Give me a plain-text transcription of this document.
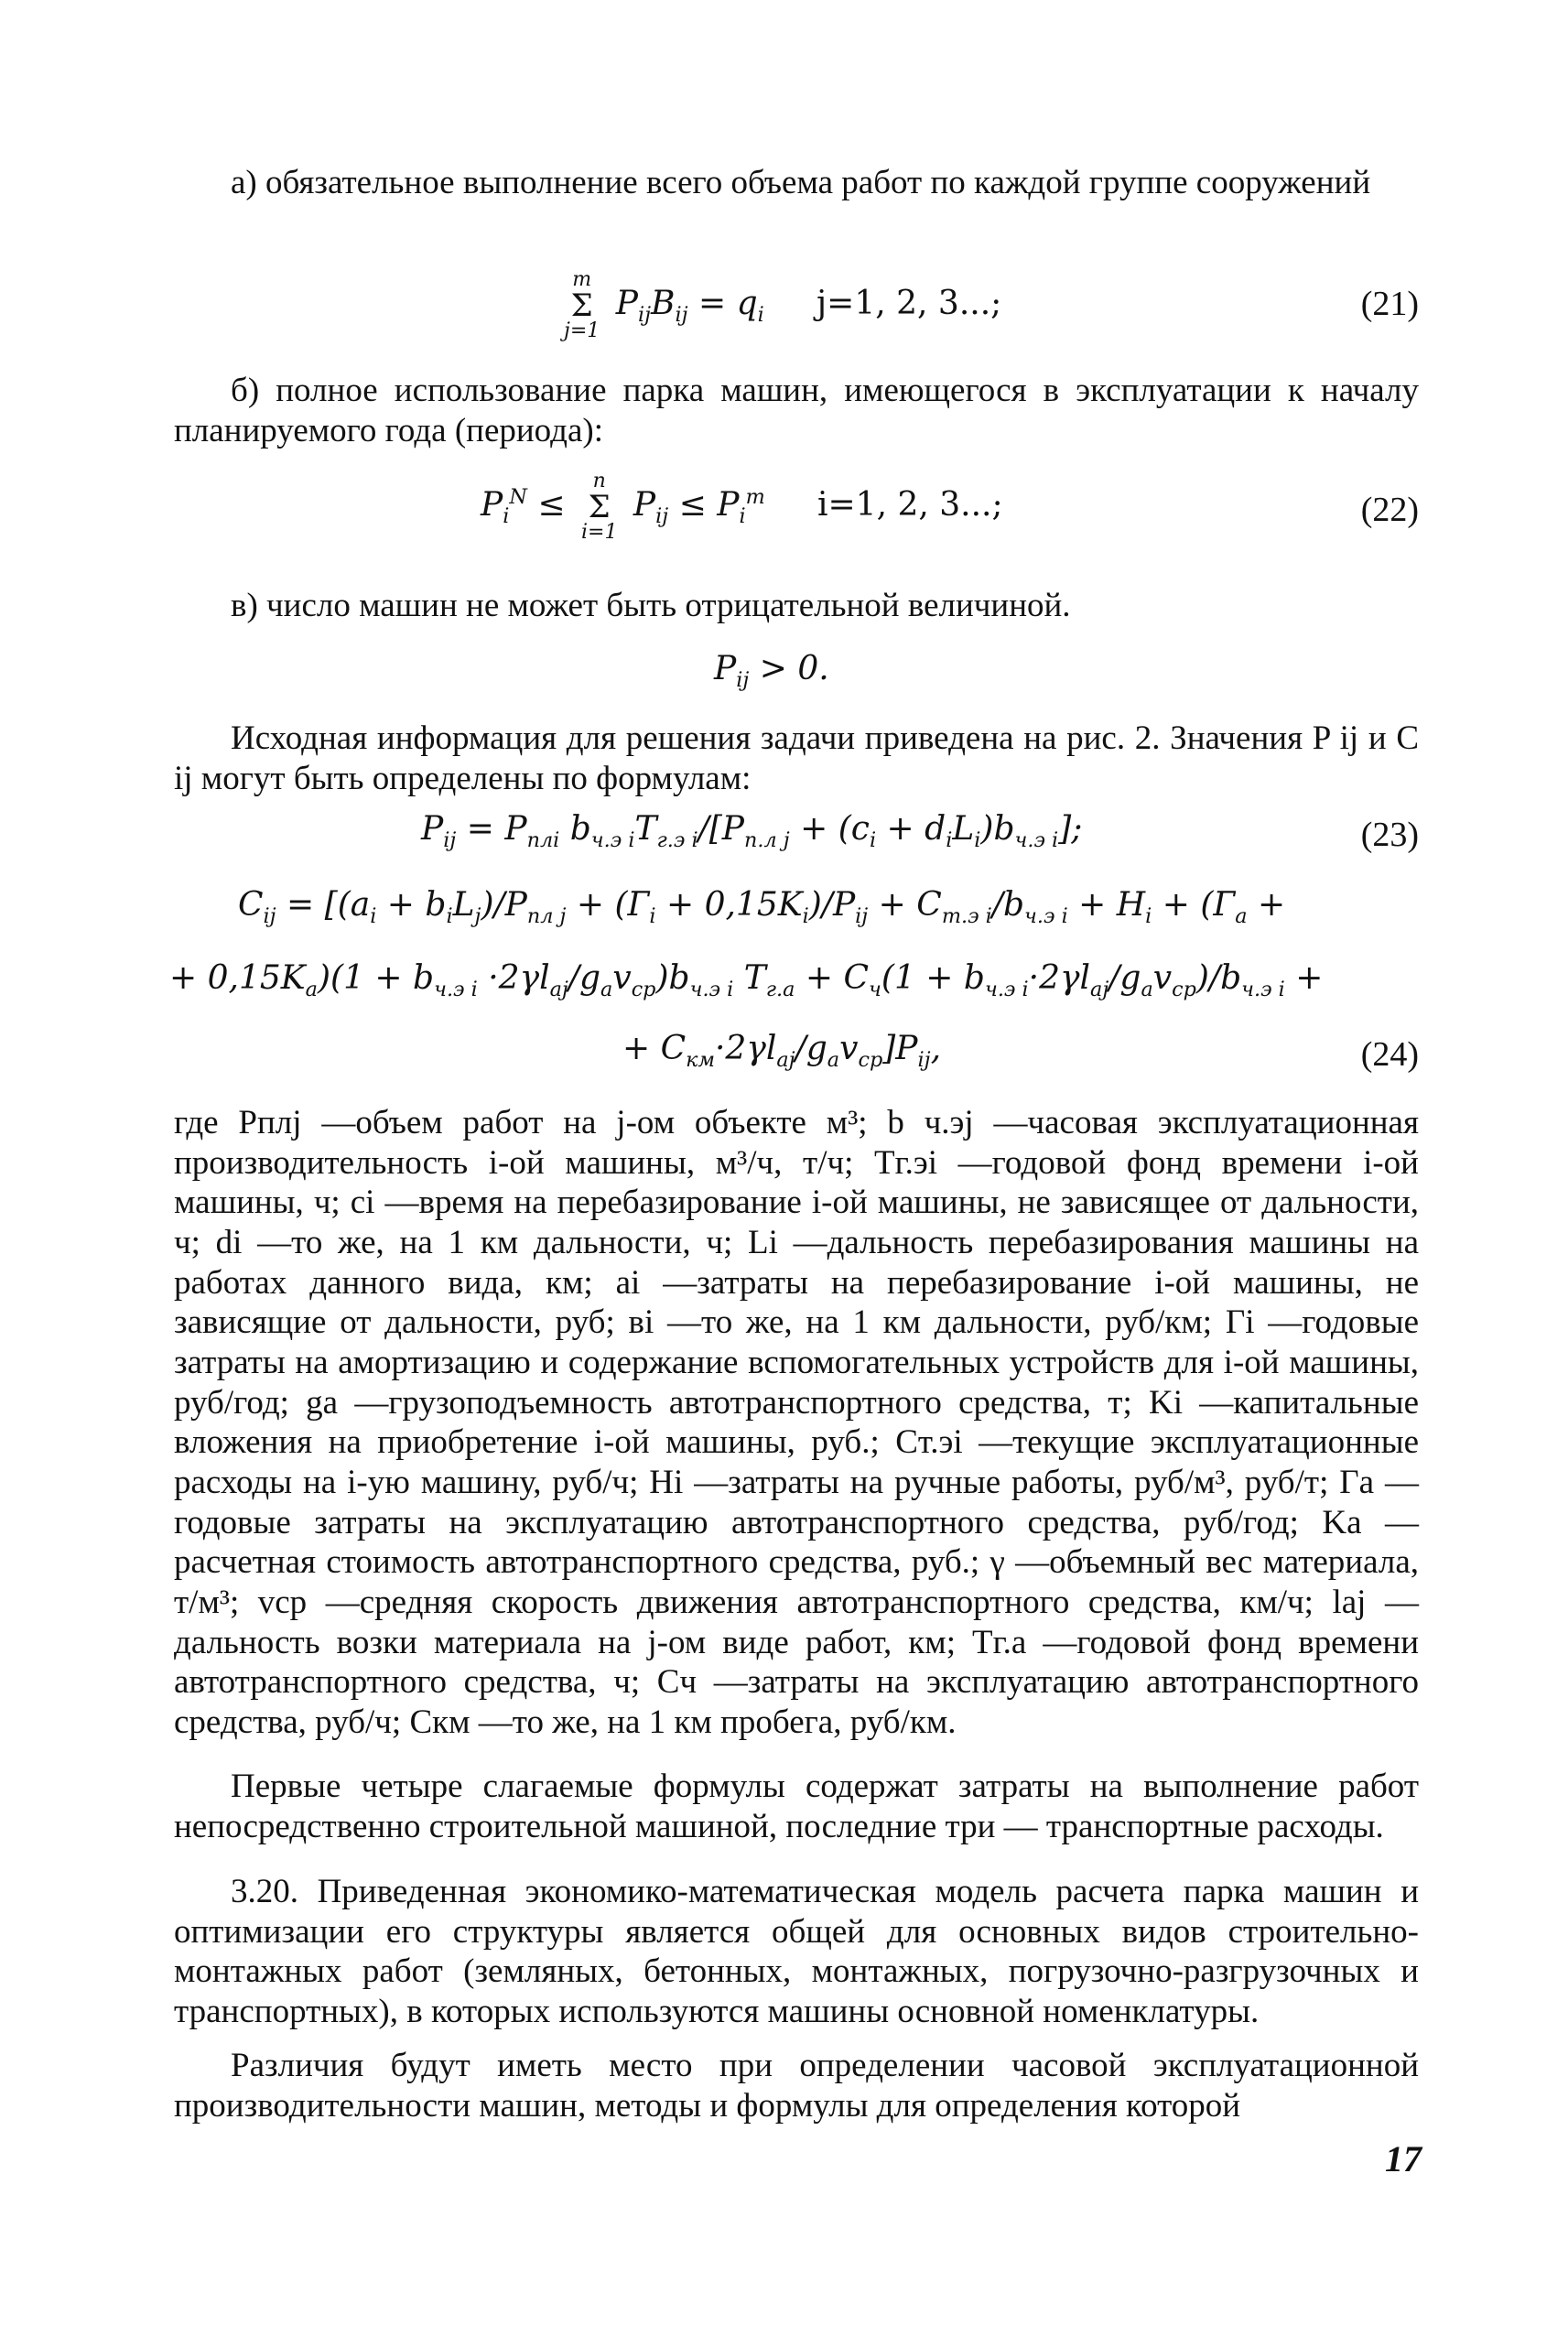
а) обязательное выполнение всего объема работ по каждой группе сооружений

m
Σ
j=1
$P_{ij}B_{ij} = q_i$ j=1, 2, 3...;	(21)

б) полное использование парка машин, имеющегося в эксплуатации к началу планируемого года (периода):

$P_i^N$ ≤
n
Σ
i=1
$P_{ij} \le P_i^m$ i=1, 2, 3...;	(22)

в) число машин не может быть отрицательной величиной.

$P_{ij} > 0$.

Исходная информация для решения задачи приведена на рис. 2. Значения P ij и C ij могут быть определены по формулам:

$P_{ij} = P_{плi}$ $b_{ч.э i}T_{г.э i}/[P_{п.л j} + (c_i + d_iL_i)b_{ч.э i}]$;	(23)
$C_{ij} = [(a_i + b_iL_j)/P_{пл j} + (Г_i + 0,15K_i)/P_{ij} + C_{т.э i}/b_{ч.э i} + H_i + (Г_a$ +
+ $0,15K_a)(1 + b_{ч.э i} \cdot 2\gamma l_{aj}/g_av_{cp})b_{ч.э i}$ $T_{г.а} + C_ч(1 + b_{ч.э i}\cdot 2\gamma l_{aj}/g_av_{cp})/b_{ч.э i}$ +
+ $C_{км}\cdot 2\gamma l_{aj}/g_av_{cp}]P_{ij}$,	(24)

где Pплj —объем работ на j-ом объекте м³; b ч.эj —часовая эксплуатационная производительность i-ой машины, м³/ч, т/ч; Tг.эi —годовой фонд времени i-ой машины, ч; ci —время на перебазирование i-ой машины, не зависящее от дальности, ч; di —то же, на 1 км дальности, ч; Li —дальность перебазирования машины на работах данного вида, км; ai —затраты на перебазирование i-ой машины, не зависящие от дальности, руб; вi —то же, на 1 км дальности, руб/км; Гi —годовые затраты на амортизацию и содержание вспомогательных устройств для i-ой машины, руб/год; gа —грузоподъемность автотранспортного средства, т; Ki —капитальные вложения на приобретение i-ой машины, руб.; Cт.эi —текущие эксплуатационные расходы на i-ую машину, руб/ч; Hi —затраты на ручные работы, руб/м³, руб/т; Гa —годовые затраты на эксплуатацию автотранспортного средства, руб/год; Ka —расчетная стоимость автотранспортного средства, руб.; γ —объемный вес материала, т/м³; vср —средняя скорость движения автотранспортного средства, км/ч; laj —дальность возки материала на j-ом виде работ, км; Tг.а —годовой фонд времени автотранспортного средства, ч; Cч —затраты на эксплуатацию автотранспортного средства, руб/ч; Cкм —то же, на 1 км пробега, руб/км.

Первые четыре слагаемые формулы содержат затраты на выполнение работ непосредственно строительной машиной, последние три — транспортные расходы.

3.20. Приведенная экономико-математическая модель расчета парка машин и оптимизации его структуры является общей для основных видов строительно-монтажных работ (земляных, бетонных, монтажных, погрузочно-разгрузочных и транспортных), в которых используются машины основной номенклатуры.

Различия будут иметь место при определении часовой эксплуатационной производительности машин, методы и формулы для определения которой

17
